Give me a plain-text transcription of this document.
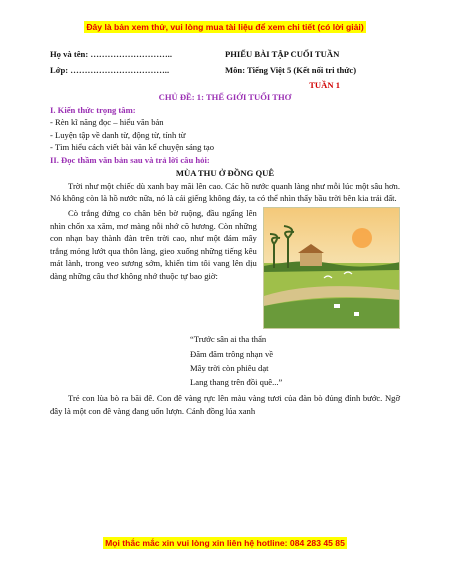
Đây là bản xem thử, vui lòng mua tài liệu để xem chi tiết (có lời giải)
Họ và tên: ………………………..	PHIẾU BÀI TẬP CUỐI TUẦN
Lớp: ……………………………..	Môn: Tiếng Việt 5 (Kết nối tri thức)
TUẦN 1
CHỦ ĐỀ: 1: THẾ GIỚI TUỔI THƠ
I. Kiến thức trọng tâm:
- Rèn kĩ năng đọc – hiểu văn bản
- Luyện tập về danh từ, động từ, tính từ
- Tìm hiểu cách viết bài văn kể chuyện sáng tạo
II. Đọc thầm văn bản sau và trả lời câu hỏi:
MÙA THU Ở ĐỒNG QUÊ
Trời như một chiếc dù xanh bay mãi lên cao. Các hồ nước quanh làng như mỗi lúc một sâu hơn. Nó không còn là hồ nước nữa, nó là cái giếng không đáy, ta có thể nhìn thấy bầu trời bên kia trái đất.
Cò trắng đứng co chân bên bờ ruộng, đầu ngẩng lên nhìn chốn xa xăm, mơ màng nỗi nhớ cõ hương. Còn những con nhạn bay thành đàn trên trời cao, như một đám mây trắng mỏng lướt qua thôn làng, gieo xuống những tiếng kêu mát lành, trong veo sương sớm, khiến tim tôi vang lên dịu dàng những câu thơ không nhớ thuộc tự bao giờ:
“Trước sân ai tha thẩn
Đăm đăm trông nhạn về
Mây trời còn phiêu dạt
Lang thang trên đồi quê...”
Trẻ con lùa bò ra bãi đê. Con đê vàng rực lên màu vàng tươi của đàn bò đủng đỉnh bước. Ngỡ đây là một con đê vàng đang uốn lượn. Cánh đồng lúa xanh
Mọi thắc mắc xin vui lòng xin liên hệ hotline: 084 283 45 85
